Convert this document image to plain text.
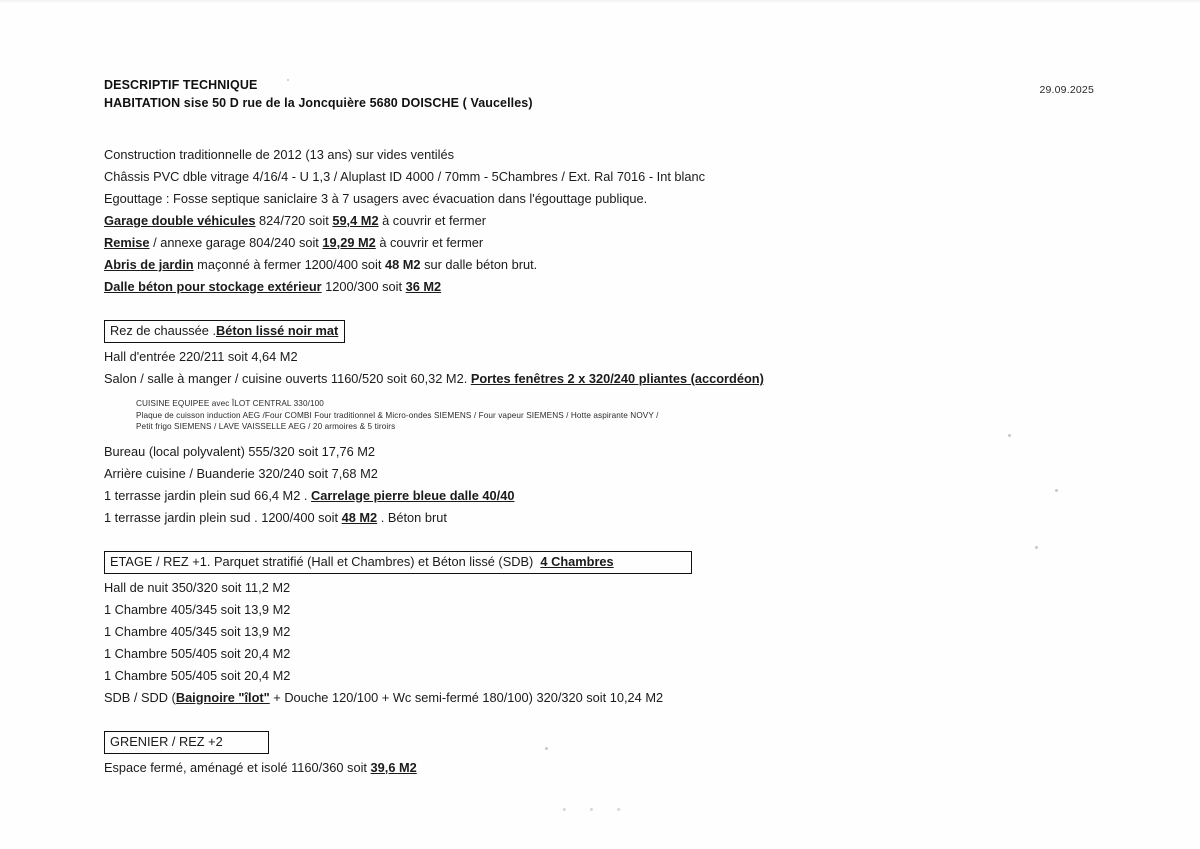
29.09.2025
DESCRIPTIF TECHNIQUE
HABITATION sise 50 D rue de la Joncquière 5680 DOISCHE ( Vaucelles)
Construction traditionnelle de 2012 (13 ans) sur vides ventilés
Châssis PVC dble vitrage 4/16/4 - U 1,3 / Aluplast ID 4000 / 70mm - 5Chambres / Ext. Ral 7016 - Int blanc
Egouttage : Fosse septique saniclaire 3 à 7 usagers avec évacuation dans l'égouttage publique.
Garage double véhicules 824/720 soit 59,4 M2 à couvrir et fermer
Remise / annexe garage 804/240 soit 19,29 M2 à couvrir et fermer
Abris de jardin maçonné à fermer 1200/400 soit 48 M2 sur dalle béton brut.
Dalle béton pour stockage extérieur 1200/300 soit 36 M2
Rez de chaussée .Béton lissé noir mat
Hall d'entrée 220/211 soit 4,64 M2
Salon / salle à manger / cuisine ouverts 1160/520 soit 60,32 M2. Portes fenêtres 2 x 320/240 pliantes (accordéon)
CUISINE EQUIPEE avec ÎLOT CENTRAL 330/100
Plaque de cuisson induction AEG /Four COMBI Four traditionnel & Micro-ondes SIEMENS / Four vapeur SIEMENS / Hotte aspirante NOVY /
Petit frigo SIEMENS / LAVE VAISSELLE AEG / 20 armoires & 5 tiroirs
Bureau (local polyvalent) 555/320 soit 17,76 M2
Arrière cuisine / Buanderie 320/240 soit 7,68 M2
1 terrasse jardin plein sud 66,4 M2 . Carrelage pierre bleue dalle 40/40
1 terrasse jardin plein sud . 1200/400 soit 48 M2 . Béton brut
ETAGE / REZ +1. Parquet stratifié (Hall et Chambres) et Béton lissé (SDB) 4 Chambres
Hall de nuit 350/320 soit 11,2 M2
1 Chambre 405/345 soit 13,9 M2
1 Chambre 405/345 soit 13,9 M2
1 Chambre 505/405 soit 20,4 M2
1 Chambre 505/405 soit 20,4 M2
SDB / SDD (Baignoire "îlot" + Douche 120/100 + Wc semi-fermé 180/100) 320/320 soit 10,24 M2
GRENIER / REZ +2
Espace fermé, aménagé et isolé 1160/360 soit 39,6 M2
· · ·
